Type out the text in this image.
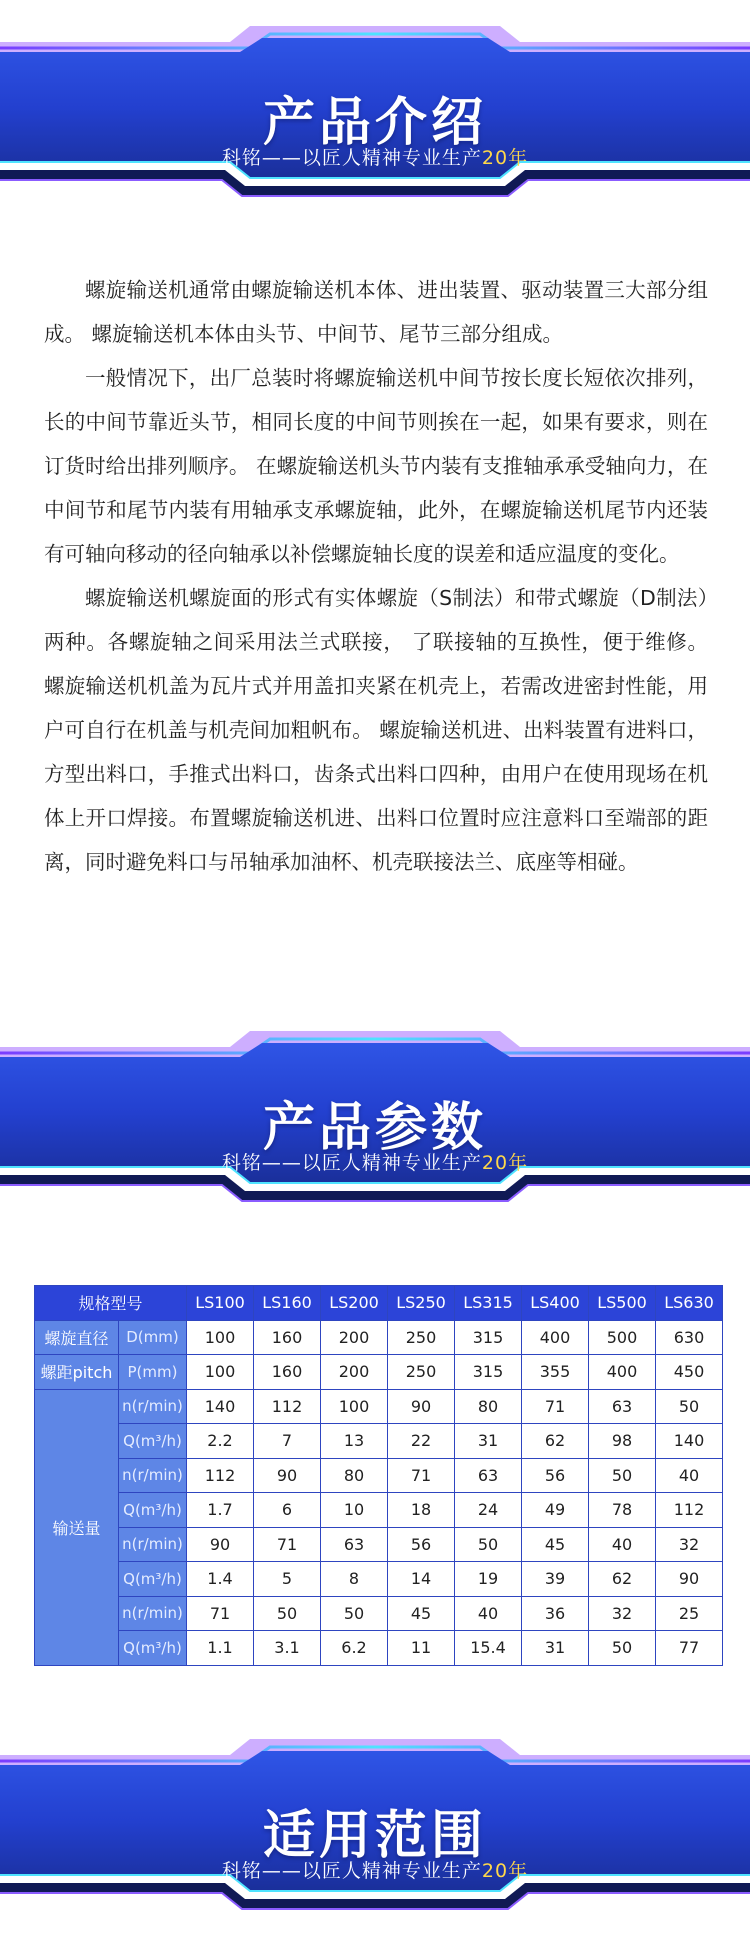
产品介绍
科铭——以匠人精神专业生产20年

螺旋输送机通常由螺旋输送机本体、进出装置、驱动装置三大部分组成。 螺旋输送机本体由头节、中间节、尾节三部分组成。

一般情况下，出厂总装时将螺旋输送机中间节按长度长短依次排列， 长的中间节靠近头节，相同长度的中间节则挨在一起，如果有要求，则在订货时给出排列顺序。 在螺旋输送机头节内装有支推轴承承受轴向力，在中间节和尾节内装有用轴承支承螺旋轴，此外，在螺旋输送机尾节内还装有可轴向移动的径向轴承以补偿螺旋轴长度的误差和适应温度的变化。

螺旋输送机螺旋面的形式有实体螺旋（S制法）和带式螺旋（D制法）两种。各螺旋轴之间采用法兰式联接， 了联接轴的互换性，便于维修。 螺旋输送机机盖为瓦片式并用盖扣夹紧在机壳上，若需改进密封性能，用户可自行在机盖与机壳间加粗帆布。 螺旋输送机进、出料装置有进料口，方型出料口，手推式出料口，齿条式出料口四种，由用户在使用现场在机体上开口焊接。布置螺旋输送机进、出料口位置时应注意料口至端部的距离，同时避免料口与吊轴承加油杯、机壳联接法兰、底座等相碰。

产品参数
科铭——以匠人精神专业生产20年
规格型号		LS100	LS160	LS200	LS250	LS315	LS400	LS500	LS630
螺旋直径	D(mm)	100	160	200	250	315	400	500	630
螺距pitch	P(mm)	100	160	200	250	315	355	400	450
输送量	n(r/min)	140	112	100	90	80	71	63	50
	Q(m³/h)	2.2	7	13	22	31	62	98	140
	n(r/min)	112	90	80	71	63	56	50	40
	Q(m³/h)	1.7	6	10	18	24	49	78	112
	n(r/min)	90	71	63	56	50	45	40	32
	Q(m³/h)	1.4	5	8	14	19	39	62	90
	n(r/min)	71	50	50	45	40	36	32	25
	Q(m³/h)	1.1	3.1	6.2	11	15.4	31	50	77
适用范围
科铭——以匠人精神专业生产20年
